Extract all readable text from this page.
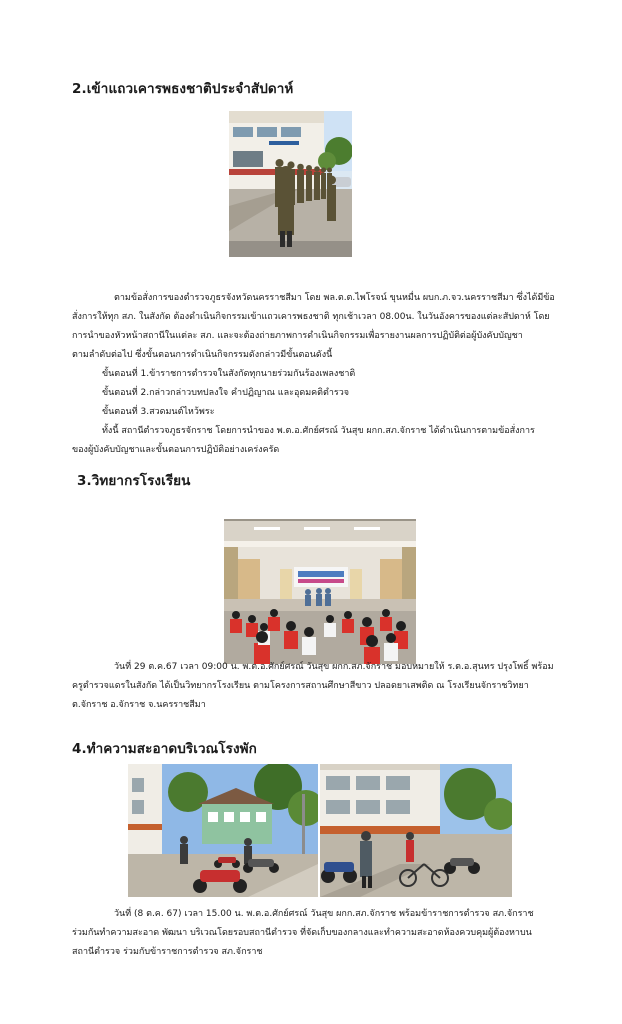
2.เข้าแถวเคารพธงชาติประจำสัปดาห์

ตามข้อสั่งการของตำรวจภูธรจังหวัดนครราชสีมา โดย พล.ต.ต.ไพโรจน์ ขุนหมื่น ผบก.ภ.จว.นครราชสีมา ซึ่งได้มีข้อ
สั่งการให้ทุก สภ. ในสังกัด ต้องดำเนินกิจกรรมเข้าแถวเคารพธงชาติ ทุกเช้าเวลา 08.00น. ในวันอังคารของแต่ละสัปดาห์ โดย
การนำของหัวหน้าสถานีในแต่ละ สภ. และจะต้องถ่ายภาพการดำเนินกิจกรรมเพื่อรายงานผลการปฏิบัติต่อผู้บังคับบัญชา
ตามลำดับต่อไป ซึ่งขั้นตอนการดำเนินกิจกรรมดังกล่าวมีขั้นตอนดังนี้
ขั้นตอนที่ 1.ข้าราชการตำรวจในสังกัดทุกนายร่วมกันร้องเพลงชาติ
ขั้นตอนที่ 2.กล่าวกล่าวบทปลงใจ คำปฏิญาณ และอุดมคติตำรวจ
ขั้นตอนที่ 3.สวดมนต์ไหว้พระ
ทั้งนี้ สถานีตำรวจภูธรจักราช โดยการนำของ พ.ต.อ.ศักย์ศรณ์ วันสุข ผกก.สภ.จักราช ได้ดำเนินการตามข้อสั่งการ
ของผู้บังคับบัญชาและขั้นตอนการปฏิบัติอย่างเคร่งครัด

3.วิทยากรโรงเรียน

วันที่ 29 ต.ค.67 เวลา 09:00 น. พ.ต.อ.ศักย์ศรณ์ วันสุข ผกก.สภ.จักราช มอบหมายให้ ร.ต.อ.สุนทร ปรุงโพธิ์ พร้อม
ครูตำรวจแดรในสังกัด ได้เป็นวิทยากรโรงเรียน ตามโครงการสถานศึกษาสีขาว ปลอดยาเสพติด ณ โรงเรียนจักราชวิทยา
ต.จักราช อ.จักราช จ.นครราชสีมา

4.ทำความสะอาดบริเวณโรงพัก

วันที่ (8 ต.ค. 67) เวลา 15.00 น. พ.ต.อ.ศักย์ศรณ์ วันสุข ผกก.สภ.จักราช พร้อมข้าราชการตำรวจ สภ.จักราช
ร่วมกันทำความสะอาด พัฒนา บริเวณโดยรอบสถานีตำรวจ ที่จัดเก็บของกลางและทำความสะอาดห้องควบคุมผู้ต้องหาบน
สถานีตำรวจ ร่วมกับข้าราชการตำรวจ สภ.จักราช
